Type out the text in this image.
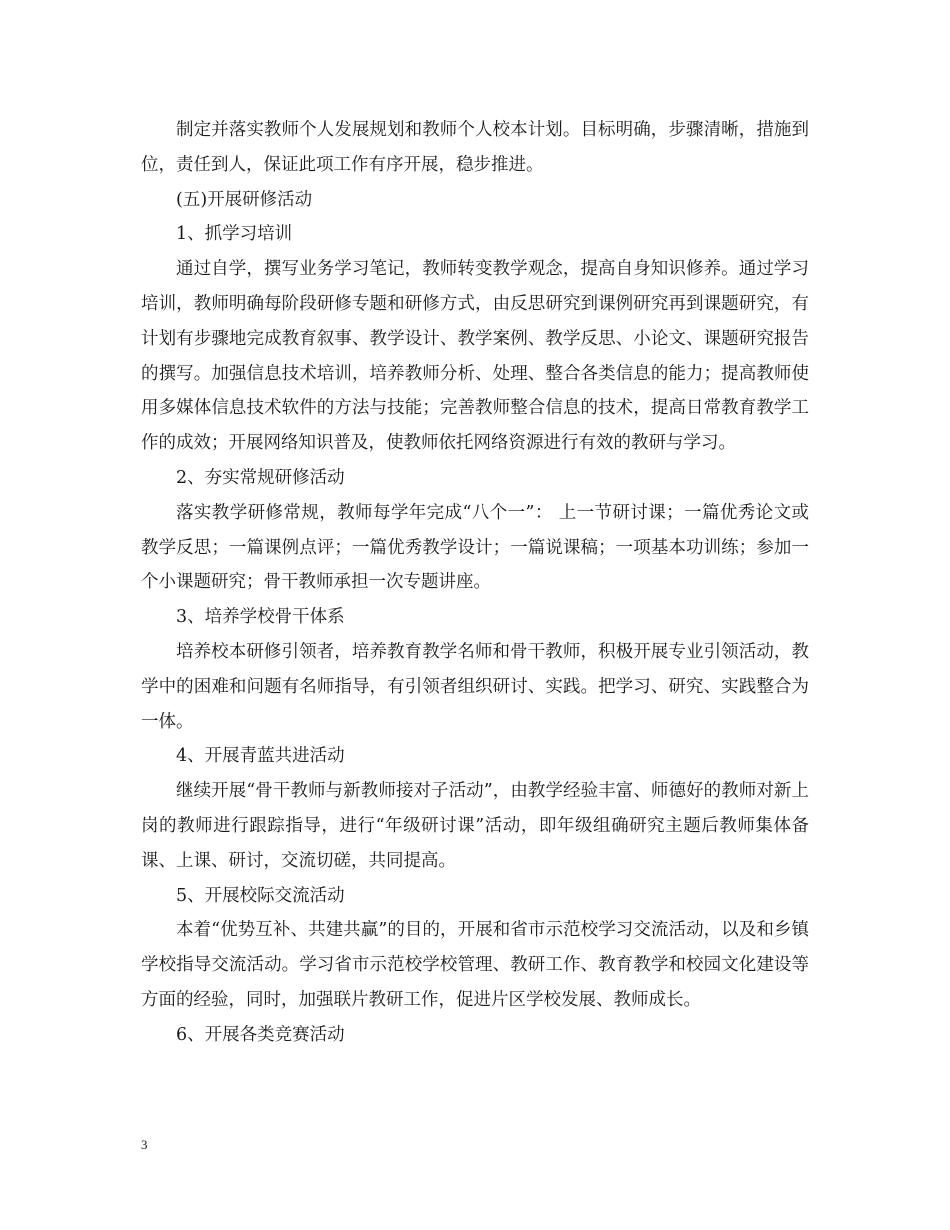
制定并落实教师个人发展规划和教师个人校本计划。目标明确，步骤清晰，措施到位，责任到人，保证此项工作有序开展，稳步推进。

(五)开展研修活动

1、抓学习培训

通过自学，撰写业务学习笔记，教师转变教学观念，提高自身知识修养。通过学习培训，教师明确每阶段研修专题和研修方式，由反思研究到课例研究再到课题研究，有计划有步骤地完成教育叙事、教学设计、教学案例、教学反思、小论文、课题研究报告的撰写。加强信息技术培训，培养教师分析、处理、整合各类信息的能力；提高教师使用多媒体信息技术软件的方法与技能；完善教师整合信息的技术，提高日常教育教学工作的成效；开展网络知识普及，使教师依托网络资源进行有效的教研与学习。

2、夯实常规研修活动

落实教学研修常规，教师每学年完成“八个一”： 上一节研讨课；一篇优秀论文或教学反思；一篇课例点评；一篇优秀教学设计；一篇说课稿；一项基本功训练；参加一个小课题研究；骨干教师承担一次专题讲座。

3、培养学校骨干体系

培养校本研修引领者，培养教育教学名师和骨干教师，积极开展专业引领活动，教学中的困难和问题有名师指导，有引领者组织研讨、实践。把学习、研究、实践整合为一体。

4、开展青蓝共进活动

继续开展“骨干教师与新教师接对子活动”，由教学经验丰富、师德好的教师对新上岗的教师进行跟踪指导，进行“年级研讨课”活动，即年级组确研究主题后教师集体备课、上课、研讨，交流切磋，共同提高。

5、开展校际交流活动

本着“优势互补、共建共赢”的目的，开展和省市示范校学习交流活动，以及和乡镇学校指导交流活动。学习省市示范校学校管理、教研工作、教育教学和校园文化建设等方面的经验，同时，加强联片教研工作，促进片区学校发展、教师成长。

6、开展各类竞赛活动

3
